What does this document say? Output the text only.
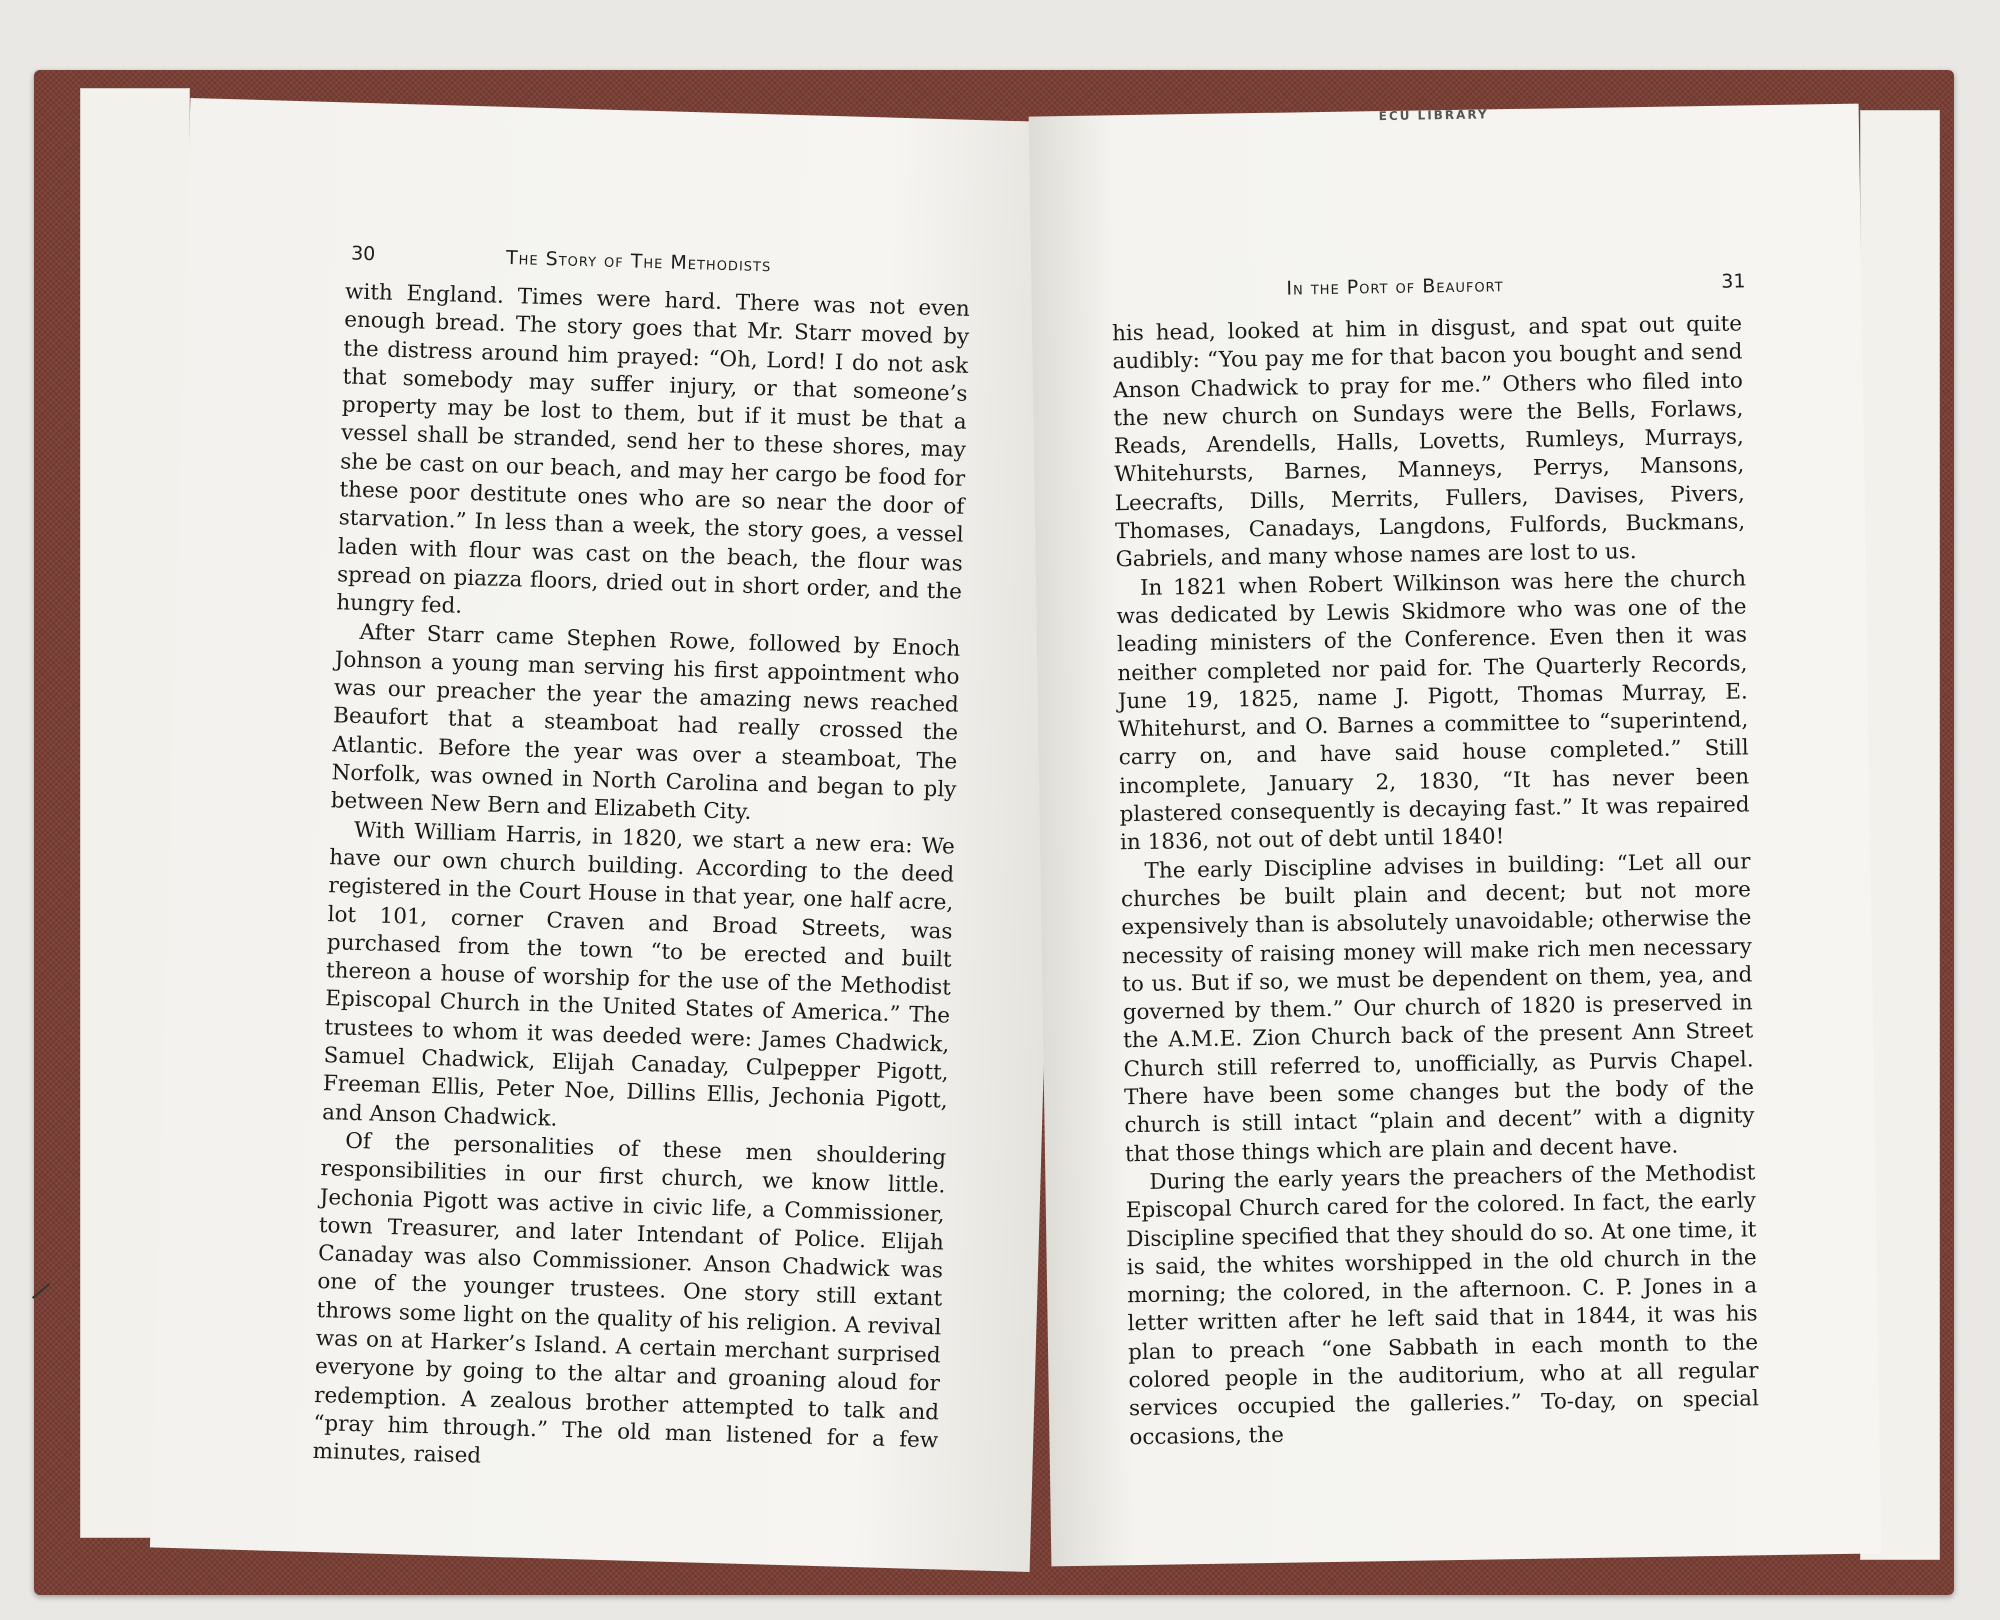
30	The Story of The Methodists

with England. Times were hard. There was not even enough bread. The story goes that Mr. Starr moved by the distress around him prayed: “Oh, Lord! I do not ask that somebody may suffer injury, or that someone’s property may be lost to them, but if it must be that a vessel shall be stranded, send her to these shores, may she be cast on our beach, and may her cargo be food for these poor destitute ones who are so near the door of starvation.” In less than a week, the story goes, a vessel laden with flour was cast on the beach, the flour was spread on piazza floors, dried out in short order, and the hungry fed.

After Starr came Stephen Rowe, followed by Enoch Johnson a young man serving his first appointment who was our preacher the year the amazing news reached Beaufort that a steamboat had really crossed the Atlantic. Before the year was over a steamboat, The Norfolk, was owned in North Carolina and began to ply between New Bern and Elizabeth City.

With William Harris, in 1820, we start a new era: We have our own church building. According to the deed registered in the Court House in that year, one half acre, lot 101, corner Craven and Broad Streets, was purchased from the town “to be erected and built thereon a house of worship for the use of the Methodist Episcopal Church in the United States of America.” The trustees to whom it was deeded were: James Chadwick, Samuel Chadwick, Elijah Canaday, Culpepper Pigott, Freeman Ellis, Peter Noe, Dillins Ellis, Jechonia Pigott, and Anson Chadwick.

Of the personalities of these men shouldering responsibilities in our first church, we know little. Jechonia Pigott was active in civic life, a Commissioner, town Treasurer, and later Intendant of Police. Elijah Canaday was also Commissioner. Anson Chadwick was one of the younger trustees. One story still extant throws some light on the quality of his religion. A revival was on at Harker’s Island. A certain merchant surprised everyone by going to the altar and groaning aloud for redemption. A zealous brother attempted to talk and “pray him through.” The old man listened for a few minutes, raised

ECU LIBRARY
In the Port of Beaufort	31

his head, looked at him in disgust, and spat out quite audibly: “You pay me for that bacon you bought and send Anson Chadwick to pray for me.” Others who filed into the new church on Sundays were the Bells, Forlaws, Reads, Arendells, Halls, Lovetts, Rumleys, Murrays, Whitehursts, Barnes, Manneys, Perrys, Mansons, Leecrafts, Dills, Merrits, Fullers, Davises, Pivers, Thomases, Canadays, Langdons, Fulfords, Buckmans, Gabriels, and many whose names are lost to us.

In 1821 when Robert Wilkinson was here the church was dedicated by Lewis Skidmore who was one of the leading ministers of the Conference. Even then it was neither completed nor paid for. The Quarterly Records, June 19, 1825, name J. Pigott, Thomas Murray, E. Whitehurst, and O. Barnes a committee to “superintend, carry on, and have said house completed.” Still incomplete, January 2, 1830, “It has never been plastered consequently is decaying fast.” It was repaired in 1836, not out of debt until 1840!

The early Discipline advises in building: “Let all our churches be built plain and decent; but not more expensively than is absolutely unavoidable; otherwise the necessity of raising money will make rich men necessary to us. But if so, we must be dependent on them, yea, and governed by them.” Our church of 1820 is preserved in the A.M.E. Zion Church back of the present Ann Street Church still referred to, unofficially, as Purvis Chapel. There have been some changes but the body of the church is still intact “plain and decent” with a dignity that those things which are plain and decent have.

During the early years the preachers of the Methodist Episcopal Church cared for the colored. In fact, the early Discipline specified that they should do so. At one time, it is said, the whites worshipped in the old church in the morning; the colored, in the afternoon. C. P. Jones in a letter written after he left said that in 1844, it was his plan to preach “one Sabbath in each month to the colored people in the auditorium, who at all regular services occupied the galleries.” To-day, on special occasions, the
